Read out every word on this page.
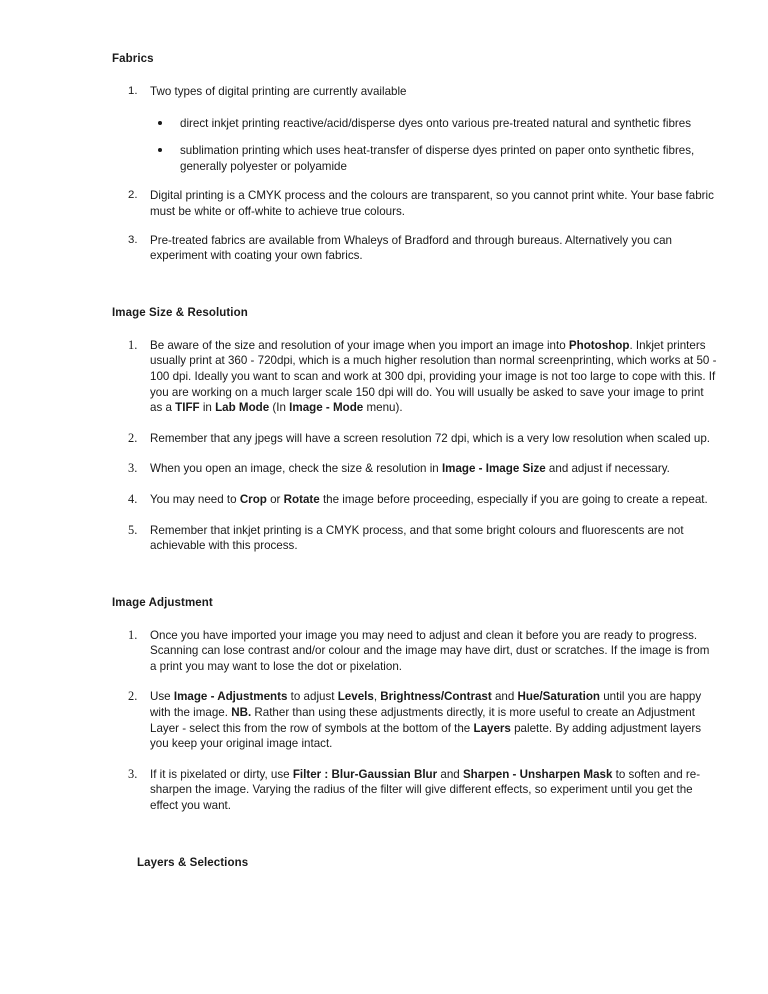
Fabrics
1.	Two types of digital printing are currently available
direct inkjet printing reactive/acid/disperse dyes onto various pre-treated natural and synthetic fibres
sublimation printing which uses heat-transfer of disperse dyes printed on paper onto synthetic fibres, generally polyester or polyamide
2.	Digital printing is a CMYK process and the colours are transparent, so you cannot print white. Your base fabric must be white or off-white to achieve true colours.
3.	Pre-treated fabrics are available from Whaleys of Bradford and through bureaus. Alternatively you can experiment with coating your own fabrics.
Image Size & Resolution
1.	Be aware of the size and resolution of your image when you import an image into Photoshop. Inkjet printers usually print at 360 - 720dpi, which is a much higher resolution than normal screenprinting, which works at 50 - 100 dpi. Ideally you want to scan and work at 300 dpi, providing your image is not too large to cope with this. If you are working on a much larger scale 150 dpi will do. You will usually be asked to save your image to print as a TIFF in Lab Mode (In Image - Mode menu).
2.	Remember that any jpegs will have a screen resolution 72 dpi, which is a very low resolution when scaled up.
3.	When you open an image, check the size & resolution in Image - Image Size and adjust if necessary.
4.	You may need to Crop or Rotate the image before proceeding, especially if you are going to create a repeat.
5.	Remember that inkjet printing is a CMYK process, and that some bright colours and fluorescents are not achievable with this process.
Image Adjustment
1.	Once you have imported your image you may need to adjust and clean it before you are ready to progress. Scanning can lose contrast and/or colour and the image may have dirt, dust or scratches. If the image is from a print you may want to lose the dot or pixelation.
2.	Use Image - Adjustments to adjust Levels, Brightness/Contrast and Hue/Saturation until you are happy with the image. NB. Rather than using these adjustments directly, it is more useful to create an Adjustment Layer - select this from the row of symbols at the bottom of the Layers palette. By adding adjustment layers you keep your original image intact.
3.	If it is pixelated or dirty, use Filter : Blur-Gaussian Blur and Sharpen - Unsharpen Mask to soften and re-sharpen the image. Varying the radius of the filter will give different effects, so experiment until you get the effect you want.
Layers & Selections
